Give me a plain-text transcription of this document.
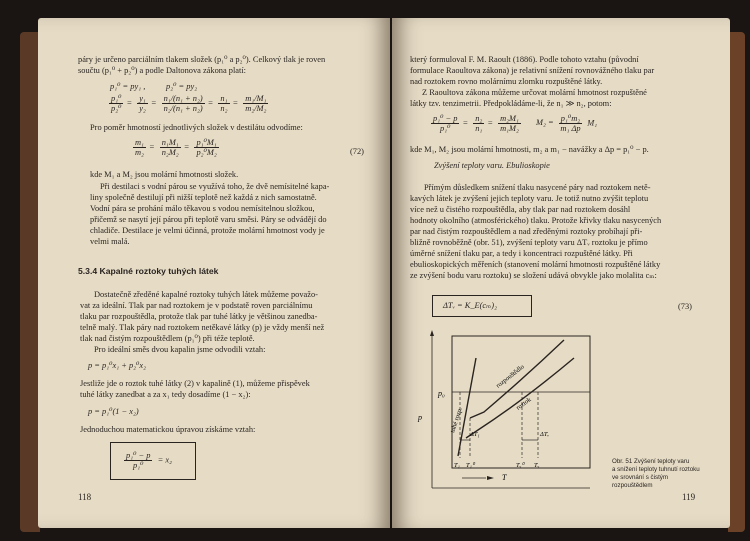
páry je určeno parciálním tlakem složek (p₁⁰ a p₂⁰). Celkový tlak je roven
součtu (p₁⁰ + p₂⁰) a podle Daltonova zákona platí:
p₁⁰ = py₁ , p₂⁰ = py₂
$\frac{\text{p₁⁰}}{\text{p₂⁰}} = \frac{\text{y₁}}{\text{y₂}} = \frac{\text{n₁/(n₁ + n₂)}}{\text{n₂/(n₁ + n₂)}} = \frac{\text{n₁}}{\text{n₂}} = \frac{\text{m₁/M₁}}{\text{m₂/M₂}}$
Pro poměr hmotností jednotlivých složek v destilátu odvodíme:
$\frac{\text{m₁}}{\text{m₂}} = \frac{\text{n₁M₁}}{\text{n₂M₂}} = \frac{\text{p₁⁰M₁}}{\text{p₂⁰M₂}}$	(72)
kde M₁ a M₂ jsou molární hmotnosti složek.
Při destilaci s vodní párou se využívá toho, že dvě nemísitelné kapa-
liny společně destilují při nižší teplotě než každá z nich samostatně.
Vodní pára se prohání málo těkavou s vodou nemísitelnou složkou,
přičemž se nasytí její párou při teplotě varu směsi. Páry se odvádějí do
chladiče. Destilace je velmi účinná, protože molární hmotnost vody je
velmi malá.
5.3.4 Kapalné roztoky tuhých látek
Dostatečně zředěné kapalné roztoky tuhých látek můžeme považo-
vat za ideální. Tlak par nad roztokem je v podstatě roven parciálnímu
tlaku par rozpouštědla, protože tlak par tuhé látky je většinou zanedba-
telně malý. Tlak páry nad roztokem netěkavé látky (p) je vždy menší než
tlak nad čistým rozpouštědlem (p₁⁰) při téže teplotě.
Pro ideální směs dvou kapalin jsme odvodili vztah:
p = p₁⁰x₁ + p₂⁰x₂
Jestliže jde o roztok tuhé látky (2) v kapalině (1), můžeme přispěvek
tuhé látky zanedbat a za x₁ tedy dosadíme (1 − x₂):
p = p₁⁰(1 − x₂)
Jednoduchou matematickou úpravou získáme vztah:
$\frac{\text{p₁⁰ − p}}{\text{p₁⁰}} = x_2$
118
který formuloval F. M. Raoult (1886). Podle tohoto vztahu (původní
formulace Raoultova zákona) je relativní snížení rovnovážného tlaku par
nad roztokem rovno molárnímu zlomku rozpuštěné látky.
Z Raoultova zákona můžeme určovat molární hmotnost rozpuštěné
látky tzv. tenzimetrii. Předpokládáme-li, že n₁ ≫ n₂, potom:
$\frac{\text{p₁⁰ − p}}{\text{p₁⁰}} = \frac{\text{n₂}}{\text{n₁}} = \frac{\text{m₂M₁}}{\text{m₁M₂}} M_2 = \frac{\text{p₁⁰m₂}}{\text{m₁ Δp}} M_1$
kde M₁, M₂ jsou molární hmotnosti, m₂ a m₁ − navážky a Δp = p₁⁰ − p.
Zvýšení teploty varu. Ebulioskopie
Přímým důsledkem snížení tlaku nasycené páry nad roztokem netě-
kavých látek je zvýšení jejich teploty varu. Je totiž nutno zvýšit teplotu
více než u čistého rozpouštědla, aby tlak par nad roztokem dosáhl
hodnoty okolního (atmosférického) tlaku. Protože křivky tlaku nasycených
par nad čistým rozpouštědlem a nad zředěnými roztoky probíhají při-
bližně rovnoběžně (obr. 51), zvýšení teploty varu ΔTᵥ roztoku je přímo
úměrné snížení tlaku par, a tedy i koncentraci rozpuštěné látky. Při
ebulioskopických měřeních (stanovení molární hmotnosti rozpuštěné látky
ze zvýšení bodu varu roztoku) se složení udává obvykle jako molalita cₘ:
ΔTᵥ = K_E(cₘ)₂	(73)
p
p₀
T
tuhé rozp.
rozpouštědlo
roztok
ΔT₁	ΔTᵥ
T₁ T₁⁰	Tᵥ⁰ Tᵥ
Obr. 51 Zvýšení teploty varu
a snížení teploty tuhnutí roztoku
ve srovnání s čistým
rozpouštědlem
119
